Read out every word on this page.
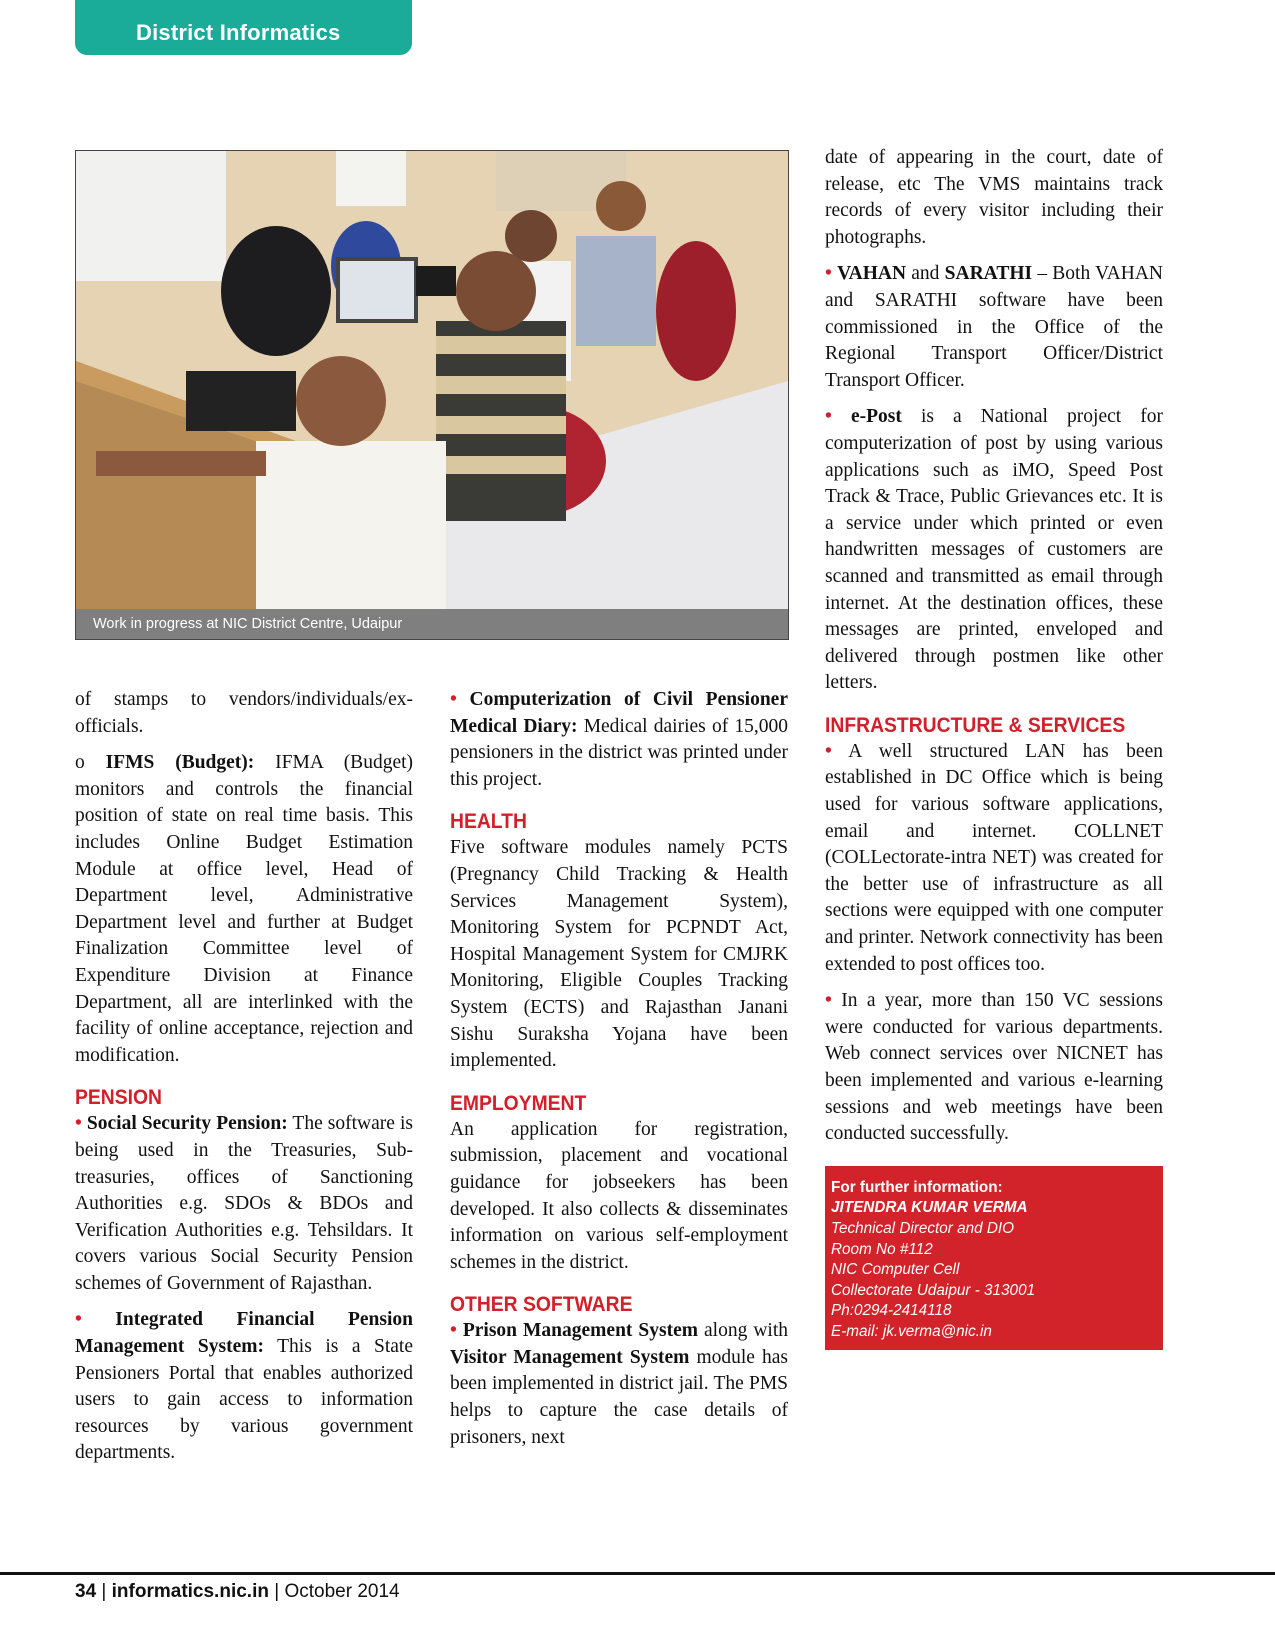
District Informatics
Work in progress at NIC District Centre, Udaipur

of stamps to vendors/individuals/ex-officials.

o IFMS (Budget): IFMA (Budget) monitors and controls the financial position of state on real time basis. This includes Online Budget Estimation Module at office level, Head of Department level, Administrative Department level and further at Budget Finalization Committee level of Expenditure Division at Finance Department, all are interlinked with the facility of online acceptance, rejection and modification.

PENSION

• Social Security Pension: The software is being used in the Treasuries, Sub-treasuries, offices of Sanctioning Authorities e.g. SDOs & BDOs and Verification Authorities e.g. Tehsildars. It covers various Social Security Pension schemes of Government of Rajasthan.

• Integrated Financial Pension Management System: This is a State Pensioners Portal that enables authorized users to gain access to information resources by various government departments.

• Computerization of Civil Pensioner Medical Diary: Medical dairies of 15,000 pensioners in the district was printed under this project.

HEALTH

Five software modules namely PCTS (Pregnancy Child Tracking & Health Services Management System), Monitoring System for PCPNDT Act, Hospital Management System for CMJRK Monitoring, Eligible Couples Tracking System (ECTS) and Rajasthan Janani Sishu Suraksha Yojana have been implemented.

EMPLOYMENT

An application for registration, submission, placement and vocational guidance for jobseekers has been developed. It also collects & disseminates information on various self-employment schemes in the district.

OTHER SOFTWARE

• Prison Management System along with Visitor Management System module has been implemented in district jail. The PMS helps to capture the case details of prisoners, next

date of appearing in the court, date of release, etc The VMS maintains track records of every visitor including their photographs.

• VAHAN and SARATHI – Both VAHAN and SARATHI software have been commissioned in the Office of the Regional Transport Officer/District Transport Officer.

• e-Post is a National project for computerization of post by using various applications such as iMO, Speed Post Track & Trace, Public Grievances etc. It is a service under which printed or even handwritten messages of customers are scanned and transmitted as email through internet. At the destination offices, these messages are printed, enveloped and delivered through postmen like other letters.

INFRASTRUCTURE & SERVICES

• A well structured LAN has been established in DC Office which is being used for various software applications, email and internet. COLLNET (COLLectorate-intra NET) was created for the better use of infrastructure as all sections were equipped with one computer and printer. Network connectivity has been extended to post offices too.

• In a year, more than 150 VC sessions were conducted for various departments. Web connect services over NICNET has been implemented and various e-learning sessions and web meetings have been conducted successfully.

For further information:
JITENDRA KUMAR VERMA
Technical Director and DIO
Room No #112
NIC Computer Cell
Collectorate Udaipur - 313001
Ph:0294-2414118
E-mail: jk.verma@nic.in
34 | informatics.nic.in | October 2014
